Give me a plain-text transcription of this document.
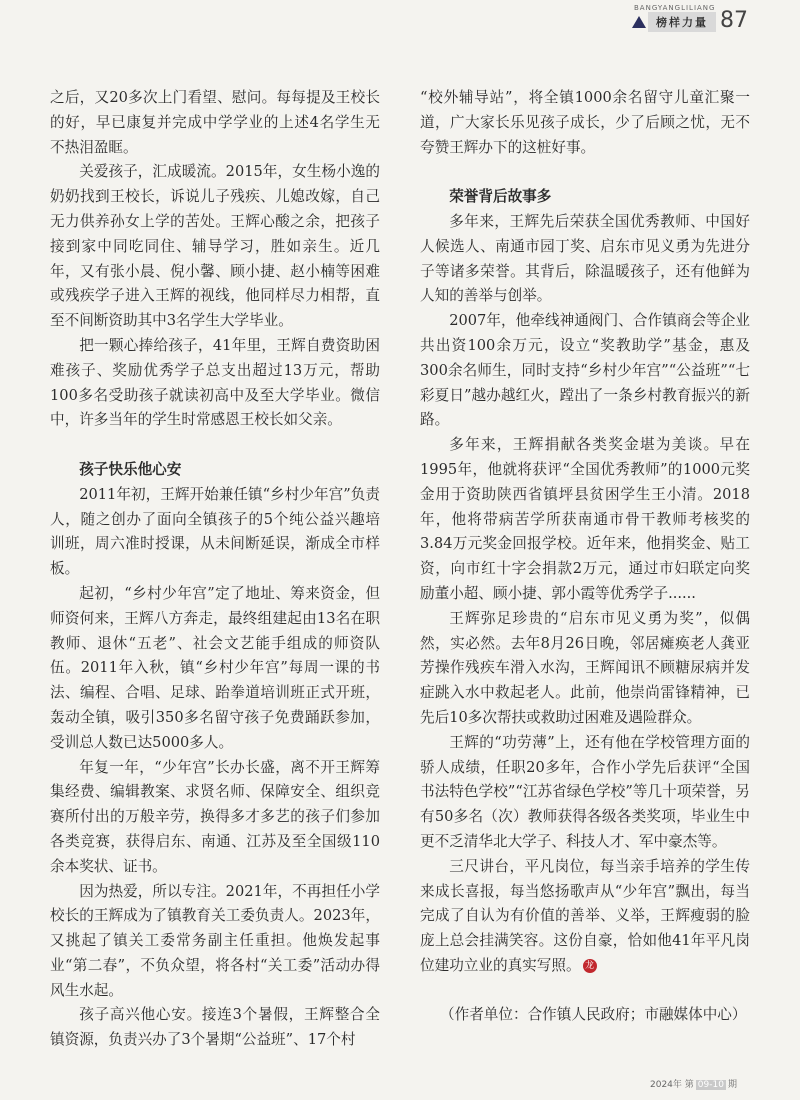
BANGYANGLILIANG
榜样力量 87

之后，又20多次上门看望、慰问。每每提及王校长的好，早已康复并完成中学学业的上述4名学生无不热泪盈眶。

关爱孩子，汇成暖流。2015年，女生杨小逸的奶奶找到王校长，诉说儿子残疾、儿媳改嫁，自己无力供养孙女上学的苦处。王辉心酸之余，把孩子接到家中同吃同住、辅导学习，胜如亲生。近几年，又有张小晨、倪小馨、顾小捷、赵小楠等困难或残疾学子进入王辉的视线，他同样尽力相帮，直至不间断资助其中3名学生大学毕业。

把一颗心捧给孩子，41年里，王辉自费资助困难孩子、奖励优秀学子总支出超过13万元，帮助100多名受助孩子就读初高中及至大学毕业。微信中，许多当年的学生时常感恩王校长如父亲。

孩子快乐他心安

2011年初，王辉开始兼任镇“乡村少年宫”负责人，随之创办了面向全镇孩子的5个纯公益兴趣培训班，周六准时授课，从未间断延误，渐成全市样板。

起初，“乡村少年宫”定了地址、筹来资金，但师资何来，王辉八方奔走，最终组建起由13名在职教师、退休“五老”、社会文艺能手组成的师资队伍。2011年入秋，镇“乡村少年宫”每周一课的书法、编程、合唱、足球、跆拳道培训班正式开班，轰动全镇，吸引350多名留守孩子免费踊跃参加，受训总人数已达5000多人。

年复一年，“少年宫”长办长盛，离不开王辉筹集经费、编辑教案、求贤名师、保障安全、组织竞赛所付出的万般辛劳，换得多才多艺的孩子们参加各类竞赛，获得启东、南通、江苏及至全国级110余本奖状、证书。

因为热爱，所以专注。2021年，不再担任小学校长的王辉成为了镇教育关工委负责人。2023年，又挑起了镇关工委常务副主任重担。他焕发起事业“第二春”，不负众望，将各村“关工委”活动办得风生水起。

孩子高兴他心安。接连3个暑假，王辉整合全镇资源，负责兴办了3个暑期“公益班”、17个村

“校外辅导站”，将全镇1000余名留守儿童汇聚一道，广大家长乐见孩子成长，少了后顾之忧，无不夸赞王辉办下的这桩好事。

荣誉背后故事多

多年来，王辉先后荣获全国优秀教师、中国好人候选人、南通市园丁奖、启东市见义勇为先进分子等诸多荣誉。其背后，除温暖孩子，还有他鲜为人知的善举与创举。

2007年，他牵线神通阀门、合作镇商会等企业共出资100余万元，设立“奖教助学”基金，惠及300余名师生，同时支持“乡村少年宫”“公益班”“七彩夏日”越办越红火，蹚出了一条乡村教育振兴的新路。

多年来，王辉捐献各类奖金堪为美谈。早在1995年，他就将获评“全国优秀教师”的1000元奖金用于资助陕西省镇坪县贫困学生王小清。2018年，他将带病苦学所获南通市骨干教师考核奖的3.84万元奖金回报学校。近年来，他捐奖金、贴工资，向市红十字会捐款2万元，通过市妇联定向奖励董小超、顾小捷、郭小霞等优秀学子......

王辉弥足珍贵的“启东市见义勇为奖”，似偶然，实必然。去年8月26日晚，邻居瘫痪老人龚亚芳操作残疾车滑入水沟，王辉闻讯不顾糖尿病并发症跳入水中救起老人。此前，他崇尚雷锋精神，已先后10多次帮扶或救助过困难及遇险群众。

王辉的“功劳薄”上，还有他在学校管理方面的骄人成绩，任职20多年，合作小学先后获评“全国书法特色学校”“江苏省绿色学校”等几十项荣誉，另有50多名（次）教师获得各级各类奖项，毕业生中更不乏清华北大学子、科技人才、军中豪杰等。

三尺讲台，平凡岗位，每当亲手培养的学生传来成长喜报，每当悠扬歌声从“少年宫”飘出，每当完成了自认为有价值的善举、义举，王辉瘦弱的脸庞上总会挂满笑容。这份自豪，恰如他41年平凡岗位建功立业的真实写照。 龙

（作者单位：合作镇人民政府；市融媒体中心）
2024年 第 09-10 期
